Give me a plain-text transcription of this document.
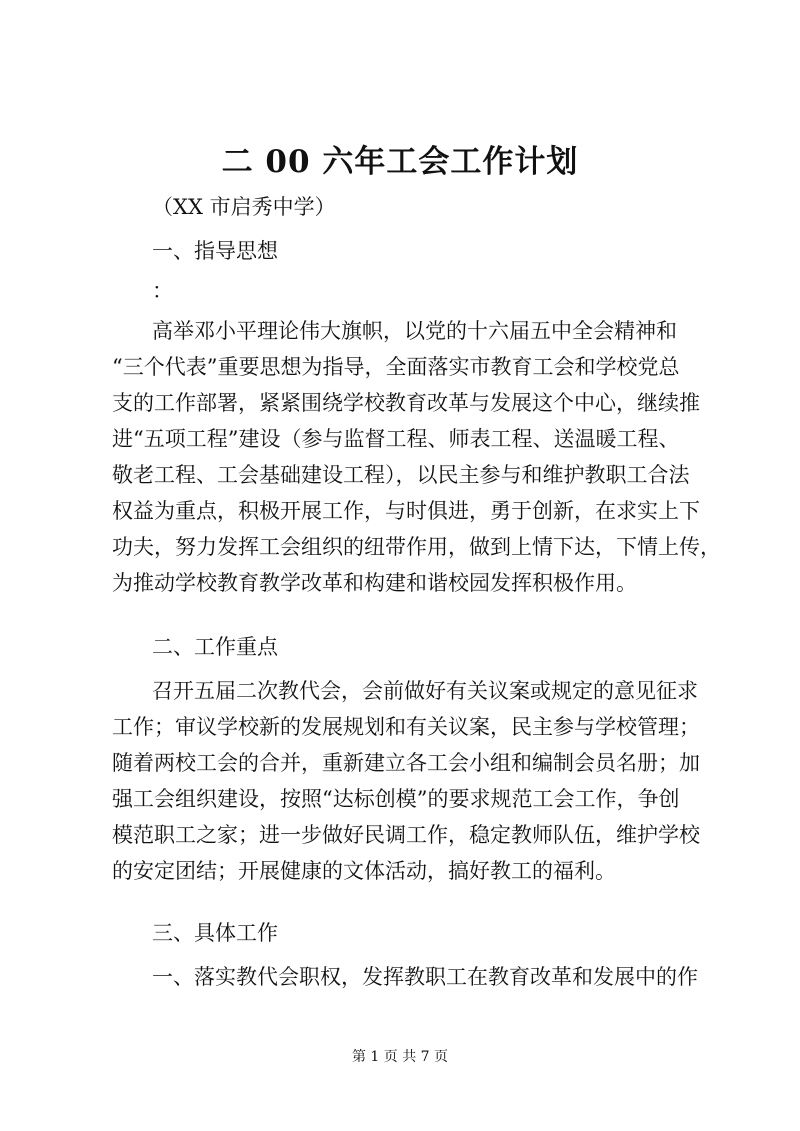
二 00 六年工会工作计划
（XX 市启秀中学）
一、指导思想
：
高举邓小平理论伟大旗帜，以党的十六届五中全会精神和
“三个代表”重要思想为指导，全面落实市教育工会和学校党总
支的工作部署，紧紧围绕学校教育改革与发展这个中心，继续推
进“五项工程”建设（参与监督工程、师表工程、送温暖工程、
敬老工程、工会基础建设工程），以民主参与和维护教职工合法
权益为重点，积极开展工作，与时俱进，勇于创新，在求实上下
功夫，努力发挥工会组织的纽带作用，做到上情下达，下情上传，
为推动学校教育教学改革和构建和谐校园发挥积极作用。
二、工作重点
召开五届二次教代会，会前做好有关议案或规定的意见征求
工作；审议学校新的发展规划和有关议案，民主参与学校管理；
随着两校工会的合并，重新建立各工会小组和编制会员名册；加
强工会组织建设，按照“达标创模”的要求规范工会工作，争创
模范职工之家；进一步做好民调工作，稳定教师队伍，维护学校
的安定团结；开展健康的文体活动，搞好教工的福利。
三、具体工作
一、落实教代会职权，发挥教职工在教育改革和发展中的作
第 1 页 共 7 页
